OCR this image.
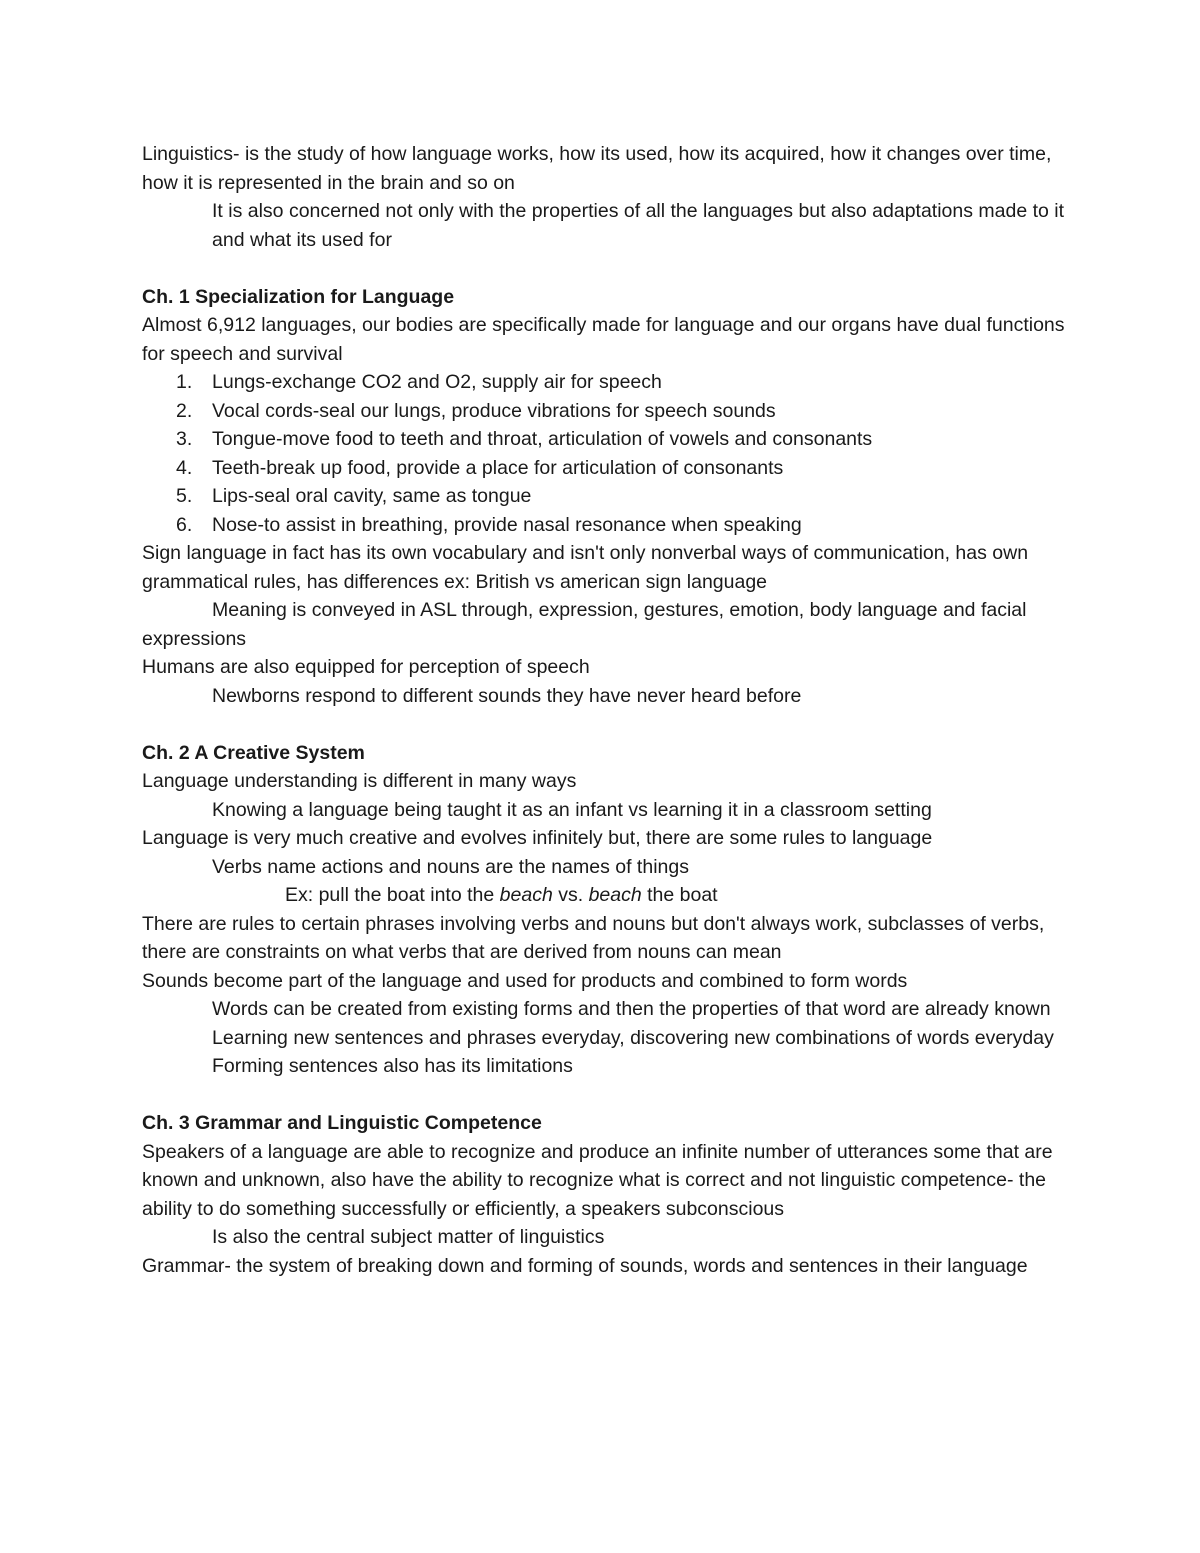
Linguistics- is the study of how language works, how its used, how its acquired, how it changes over time, how it is represented in the brain and so on

It is also concerned not only with the properties of all the languages but also adaptations made to it and what its used for

Ch. 1 Specialization for Language

Almost 6,912 languages, our bodies are specifically made for language and our organs have dual functions for speech and survival

1. Lungs-exchange CO2 and O2, supply air for speech
2. Vocal cords-seal our lungs, produce vibrations for speech sounds
3. Tongue-move food to teeth and throat, articulation of vowels and consonants
4. Teeth-break up food, provide a place for articulation of consonants
5. Lips-seal oral cavity, same as tongue
6. Nose-to assist in breathing, provide nasal resonance when speaking

Sign language in fact has its own vocabulary and isn't only nonverbal ways of communication, has own grammatical rules, has differences ex: British vs american sign language

Meaning is conveyed in ASL through, expression, gestures, emotion, body language and facial expressions

Humans are also equipped for perception of speech

Newborns respond to different sounds they have never heard before

Ch. 2 A Creative System

Language understanding is different in many ways

Knowing a language being taught it as an infant vs learning it in a classroom setting

Language is very much creative and evolves infinitely but, there are some rules to language

Verbs name actions and nouns are the names of things

Ex: pull the boat into the beach vs. beach the boat

There are rules to certain phrases involving verbs and nouns but don't always work, subclasses of verbs, there are constraints on what verbs that are derived from nouns can mean

Sounds become part of the language and used for products and combined to form words

Words can be created from existing forms and then the properties of that word are already known

Learning new sentences and phrases everyday, discovering new combinations of words everyday

Forming sentences also has its limitations

Ch. 3 Grammar and Linguistic Competence

Speakers of a language are able to recognize and produce an infinite number of utterances some that are known and unknown, also have the ability to recognize what is correct and not linguistic competence- the ability to do something successfully or efficiently, a speakers subconscious

Is also the central subject matter of linguistics

Grammar- the system of breaking down and forming of sounds, words and sentences in their language
